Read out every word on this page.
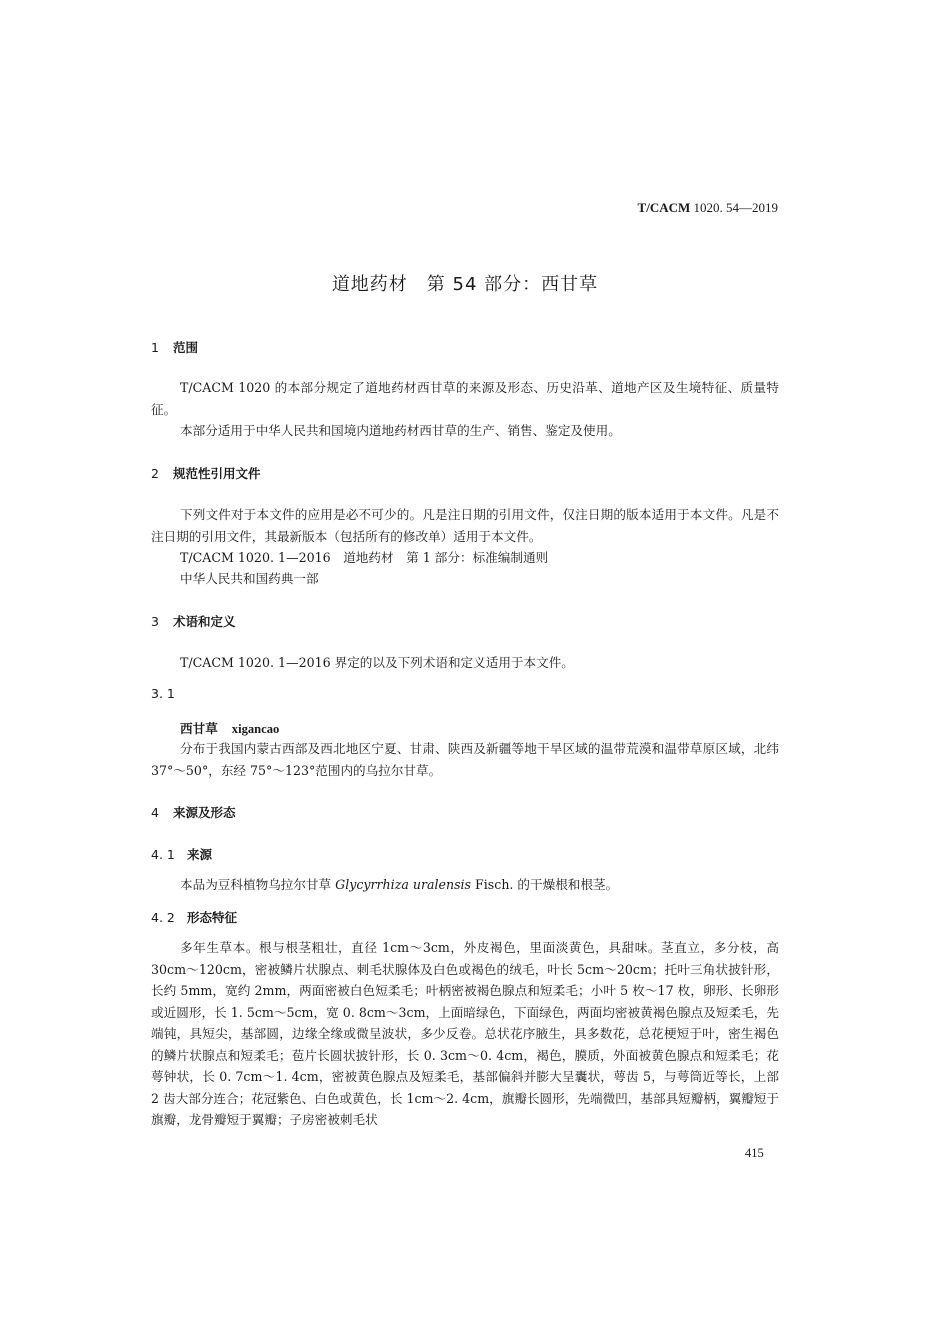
T/CACM 1020. 54—2019
道地药材　第 54 部分：西甘草
1 范围
T/CACM 1020 的本部分规定了道地药材西甘草的来源及形态、历史沿革、道地产区及生境特征、质量特征。
本部分适用于中华人民共和国境内道地药材西甘草的生产、销售、鉴定及使用。
2 规范性引用文件
下列文件对于本文件的应用是必不可少的。凡是注日期的引用文件，仅注日期的版本适用于本文件。凡是不注日期的引用文件，其最新版本（包括所有的修改单）适用于本文件。
T/CACM 1020. 1—2016　道地药材　第 1 部分：标准编制通则
中华人民共和国药典一部
3 术语和定义
T/CACM 1020. 1—2016 界定的以及下列术语和定义适用于本文件。
3. 1
西甘草 xigancao
分布于我国内蒙古西部及西北地区宁夏、甘肃、陕西及新疆等地干旱区域的温带荒漠和温带草原区域，北纬 37°～50°，东经 75°～123°范围内的乌拉尔甘草。
4 来源及形态
4. 1 来源
本品为豆科植物乌拉尔甘草 Glycyrrhiza uralensis Fisch. 的干燥根和根茎。
4. 2 形态特征
多年生草本。根与根茎粗壮，直径 1cm～3cm，外皮褐色，里面淡黄色，具甜味。茎直立，多分枝，高 30cm～120cm，密被鳞片状腺点、刺毛状腺体及白色或褐色的绒毛，叶长 5cm～20cm；托叶三角状披针形，长约 5mm，宽约 2mm，两面密被白色短柔毛；叶柄密被褐色腺点和短柔毛；小叶 5 枚～17 枚，卵形、长卵形或近圆形，长 1. 5cm～5cm，宽 0. 8cm～3cm，上面暗绿色，下面绿色，两面均密被黄褐色腺点及短柔毛，先端钝，具短尖，基部圆，边缘全缘或微呈波状，多少反卷。总状花序腋生，具多数花，总花梗短于叶，密生褐色的鳞片状腺点和短柔毛；苞片长圆状披针形，长 0. 3cm～0. 4cm，褐色，膜质，外面被黄色腺点和短柔毛；花萼钟状，长 0. 7cm～1. 4cm，密被黄色腺点及短柔毛，基部偏斜并膨大呈囊状，萼齿 5，与萼筒近等长，上部 2 齿大部分连合；花冠紫色、白色或黄色，长 1cm～2. 4cm，旗瓣长圆形，先端微凹，基部具短瓣柄，翼瓣短于旗瓣，龙骨瓣短于翼瓣；子房密被刺毛状
415
